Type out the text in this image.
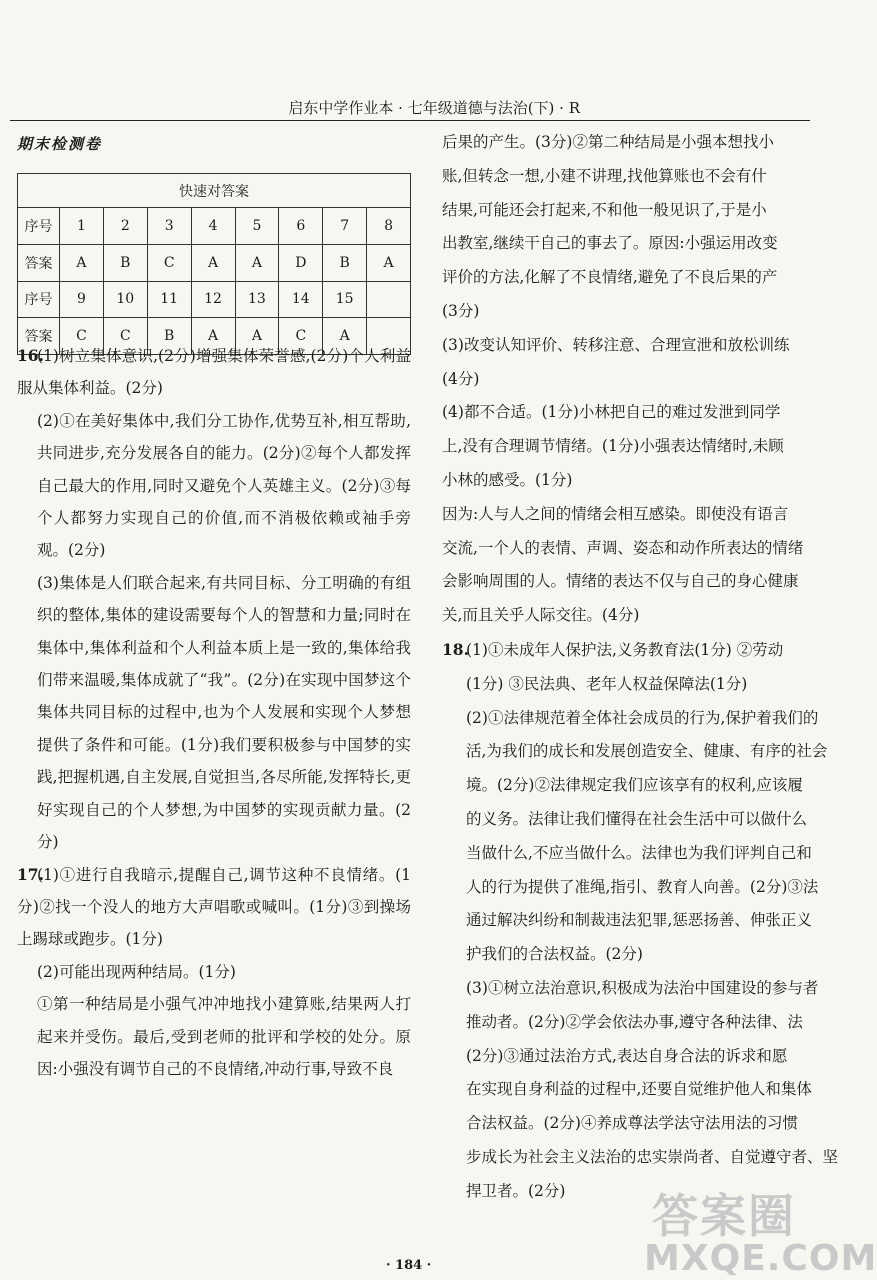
启东中学作业本 · 七年级道德与法治(下) · R
期末检测卷
快速对答案								
序号	1	2	3	4	5	6	7	8
答案	A	B	C	A	A	D	B	A
序号	9	10	11	12	13	14	15	
答案	C	C	B	A	A	C	A	

16.(1)树立集体意识,(2分)增强集体荣誉感,(2分)个人利益服从集体利益。(2分)

(2)①在美好集体中,我们分工协作,优势互补,相互帮助,共同进步,充分发展各自的能力。(2分)②每个人都发挥自己最大的作用,同时又避免个人英雄主义。(2分)③每个人都努力实现自己的价值,而不消极依赖或袖手旁观。(2分)

(3)集体是人们联合起来,有共同目标、分工明确的有组织的整体,集体的建设需要每个人的智慧和力量;同时在集体中,集体利益和个人利益本质上是一致的,集体给我们带来温暖,集体成就了“我”。(2分)在实现中国梦这个集体共同目标的过程中,也为个人发展和实现个人梦想提供了条件和可能。(1分)我们要积极参与中国梦的实践,把握机遇,自主发展,自觉担当,各尽所能,发挥特长,更好实现自己的个人梦想,为中国梦的实现贡献力量。(2分)

17.(1)①进行自我暗示,提醒自己,调节这种不良情绪。(1分)②找一个没人的地方大声唱歌或喊叫。(1分)③到操场上踢球或跑步。(1分)

(2)可能出现两种结局。(1分)

①第一种结局是小强气冲冲地找小建算账,结果两人打起来并受伤。最后,受到老师的批评和学校的处分。原因:小强没有调节自己的不良情绪,冲动行事,导致不良

后果的产生。(3分)②第二种结局是小强本想找小
账,但转念一想,小建不讲理,找他算账也不会有什
结果,可能还会打起来,不和他一般见识了,于是小
出教室,继续干自己的事去了。原因:小强运用改变
评价的方法,化解了不良情绪,避免了不良后果的产
(3分)
(3)改变认知评价、转移注意、合理宣泄和放松训练
(4分)
(4)都不合适。(1分)小林把自己的难过发泄到同学
上,没有合理调节情绪。(1分)小强表达情绪时,未顾
小林的感受。(1分)
因为:人与人之间的情绪会相互感染。即使没有语言
交流,一个人的表情、声调、姿态和动作所表达的情绪
会影响周围的人。情绪的表达不仅与自己的身心健康
关,而且关乎人际交往。(4分)
18.(1)①未成年人保护法,义务教育法(1分) ②劳动
(1分) ③民法典、老年人权益保障法(1分)
(2)①法律规范着全体社会成员的行为,保护着我们的
活,为我们的成长和发展创造安全、健康、有序的社会
境。(2分)②法律规定我们应该享有的权利,应该履
的义务。法律让我们懂得在社会生活中可以做什么
当做什么,不应当做什么。法律也为我们评判自己和
人的行为提供了准绳,指引、教育人向善。(2分)③法
通过解决纠纷和制裁违法犯罪,惩恶扬善、伸张正义
护我们的合法权益。(2分)
(3)①树立法治意识,积极成为法治中国建设的参与者
推动者。(2分)②学会依法办事,遵守各种法律、法
(2分)③通过法治方式,表达自身合法的诉求和愿
在实现自身利益的过程中,还要自觉维护他人和集体
合法权益。(2分)④养成尊法学法守法用法的习惯
步成长为社会主义法治的忠实崇尚者、自觉遵守者、坚
捍卫者。(2分)
· 184 ·
答案圈
MXQE.COM
